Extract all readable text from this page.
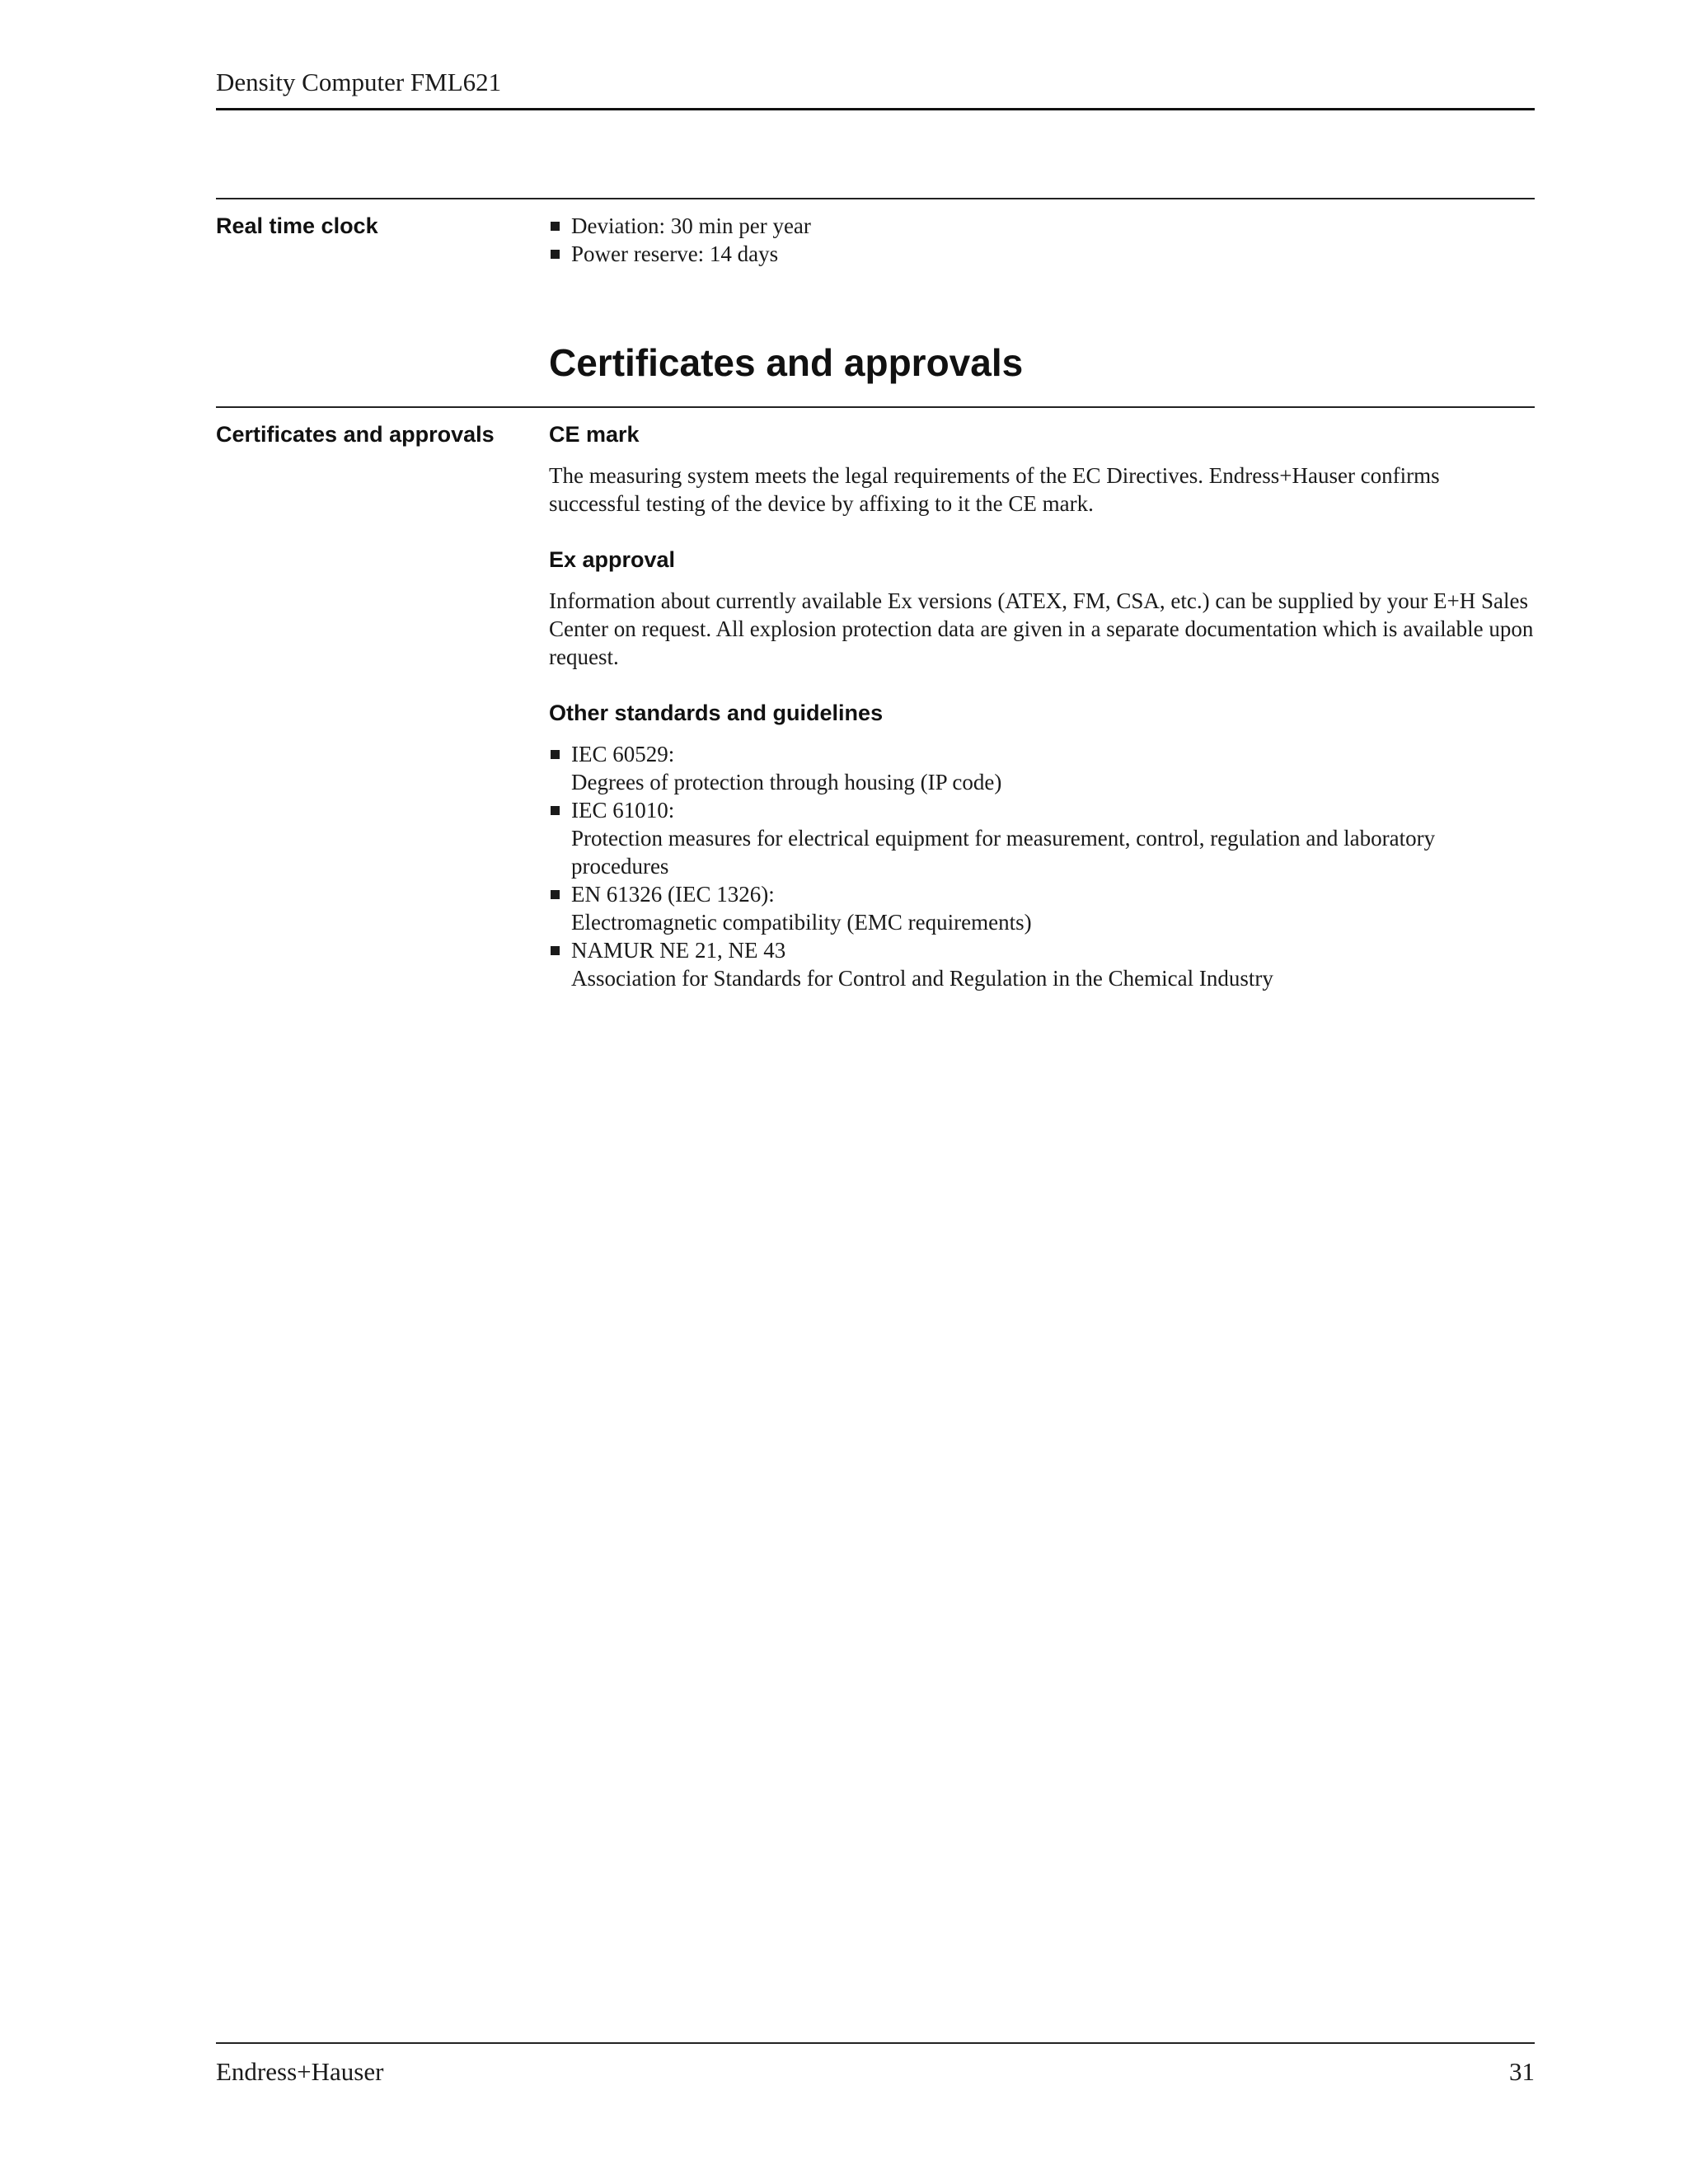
Density Computer FML621
Real time clock	Deviation: 30 min per year
Power reserve: 14 days
Certificates and approvals
Certificates and approvals CE mark

The measuring system meets the legal requirements of the EC Directives. Endress+Hauser confirms successful testing of the device by affixing to it the CE mark.

Ex approval

Information about currently available Ex versions (ATEX, FM, CSA, etc.) can be supplied by your E+H Sales Center on request. All explosion protection data are given in a separate documentation which is available upon request.

Other standards and guidelines

IEC 60529:
Degrees of protection through housing (IP code)
IEC 61010:
Protection measures for electrical equipment for measurement, control, regulation and laboratory procedures
EN 61326 (IEC 1326):
Electromagnetic compatibility (EMC requirements)
NAMUR NE 21, NE 43
Association for Standards for Control and Regulation in the Chemical Industry
Endress+Hauser	31
